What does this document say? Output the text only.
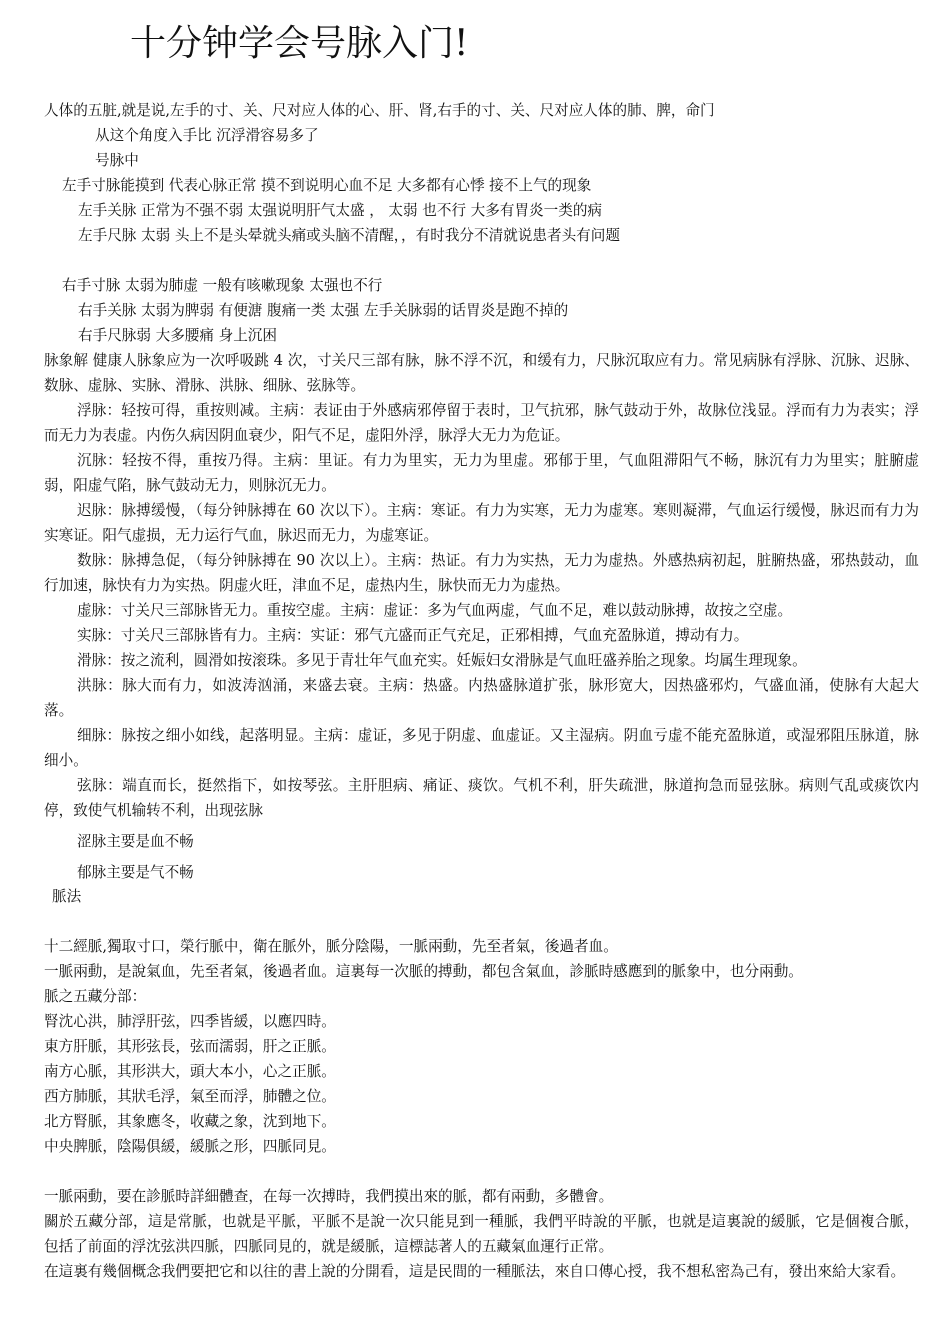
十分钟学会号脉入门!
人体的五脏,就是说,左手的寸、关、尺对应人体的心、肝、肾,右手的寸、关、尺对应人体的肺、脾，命门
从这个角度入手比 沉浮滑容易多了
号脉中
左手寸脉能摸到 代表心脉正常 摸不到说明心血不足 大多都有心悸 接不上气的现象
左手关脉 正常为不强不弱 太强说明肝气太盛 ， 太弱 也不行 大多有胃炎一类的病
左手尺脉 太弱 头上不是头晕就头痛或头脑不清醒，，有时我分不清就说患者头有问题
右手寸脉 太弱为肺虚 一般有咳嗽现象 太强也不行
右手关脉 太弱为脾弱 有便溏 腹痛一类 太强 左手关脉弱的话胃炎是跑不掉的
右手尺脉弱 大多腰痛 身上沉困
脉象解 健康人脉象应为一次呼吸跳 4 次，寸关尺三部有脉，脉不浮不沉，和缓有力，尺脉沉取应有力。常见病脉有浮脉、沉脉、迟脉、数脉、虚脉、实脉、滑脉、洪脉、细脉、弦脉等。
浮脉：轻按可得，重按则减。主病：表证由于外感病邪停留于表时，卫气抗邪，脉气鼓动于外，故脉位浅显。浮而有力为表实；浮而无力为表虚。内伤久病因阴血衰少，阳气不足，虚阳外浮，脉浮大无力为危证。
沉脉：轻按不得，重按乃得。主病：里证。有力为里实，无力为里虚。邪郁于里，气血阻滞阳气不畅，脉沉有力为里实；脏腑虚弱，阳虚气陷，脉气鼓动无力，则脉沉无力。
迟脉：脉搏缓慢，（每分钟脉搏在 60 次以下）。主病：寒证。有力为实寒，无力为虚寒。寒则凝滞，气血运行缓慢，脉迟而有力为实寒证。阳气虚损，无力运行气血，脉迟而无力，为虚寒证。
数脉：脉搏急促，（每分钟脉搏在 90 次以上）。主病：热证。有力为实热，无力为虚热。外感热病初起，脏腑热盛，邪热鼓动，血行加速，脉快有力为实热。阴虚火旺，津血不足，虚热内生，脉快而无力为虚热。
虚脉：寸关尺三部脉皆无力。重按空虚。主病：虚证：多为气血两虚，气血不足，难以鼓动脉搏，故按之空虚。
实脉：寸关尺三部脉皆有力。主病：实证：邪气亢盛而正气充足，正邪相搏，气血充盈脉道，搏动有力。
滑脉：按之流利，圆滑如按滚珠。多见于青壮年气血充实。妊娠妇女滑脉是气血旺盛养胎之现象。均属生理现象。
洪脉：脉大而有力，如波涛汹涌，来盛去衰。主病：热盛。内热盛脉道扩张，脉形宽大，因热盛邪灼，气盛血涌，使脉有大起大落。
细脉：脉按之细小如线，起落明显。主病：虚证，多见于阴虚、血虚证。又主湿病。阴血亏虚不能充盈脉道，或湿邪阻压脉道，脉细小。
弦脉：端直而长，挺然指下，如按琴弦。主肝胆病、痛证、痰饮。气机不利，肝失疏泄，脉道拘急而显弦脉。病则气乱或痰饮内停，致使气机输转不利，出现弦脉
涩脉主要是血不畅
郁脉主要是气不畅
脈法
十二經脈,獨取寸口，榮行脈中，衛在脈外，脈分陰陽，一脈兩動，先至者氣，後過者血。
一脈兩動，是說氣血，先至者氣，後過者血。這裏每一次脈的搏動，都包含氣血，診脈時感應到的脈象中，也分兩動。
脈之五藏分部：
腎沈心洪，肺浮肝弦，四季皆緩，以應四時。
東方肝脈，其形弦長，弦而濡弱，肝之正脈。
南方心脈，其形洪大，頭大本小，心之正脈。
西方肺脈，其狀毛浮，氣至而浮，肺體之位。
北方腎脈，其象應冬，收藏之象，沈到地下。
中央脾脈，陰陽俱緩，緩脈之形，四脈同見。
一脈兩動，要在診脈時詳細體查，在每一次搏時，我們摸出來的脈，都有兩動，多體會。
關於五藏分部，這是常脈，也就是平脈，平脈不是說一次只能見到一種脈，我們平時說的平脈，也就是這裏說的緩脈，它是個複合脈，包括了前面的浮沈弦洪四脈，四脈同見的，就是緩脈，這標誌著人的五藏氣血運行正常。
在這裏有幾個概念我們要把它和以往的書上說的分開看，這是民間的一種脈法，來自口傳心授，我不想私密為己有，發出來給大家看。
